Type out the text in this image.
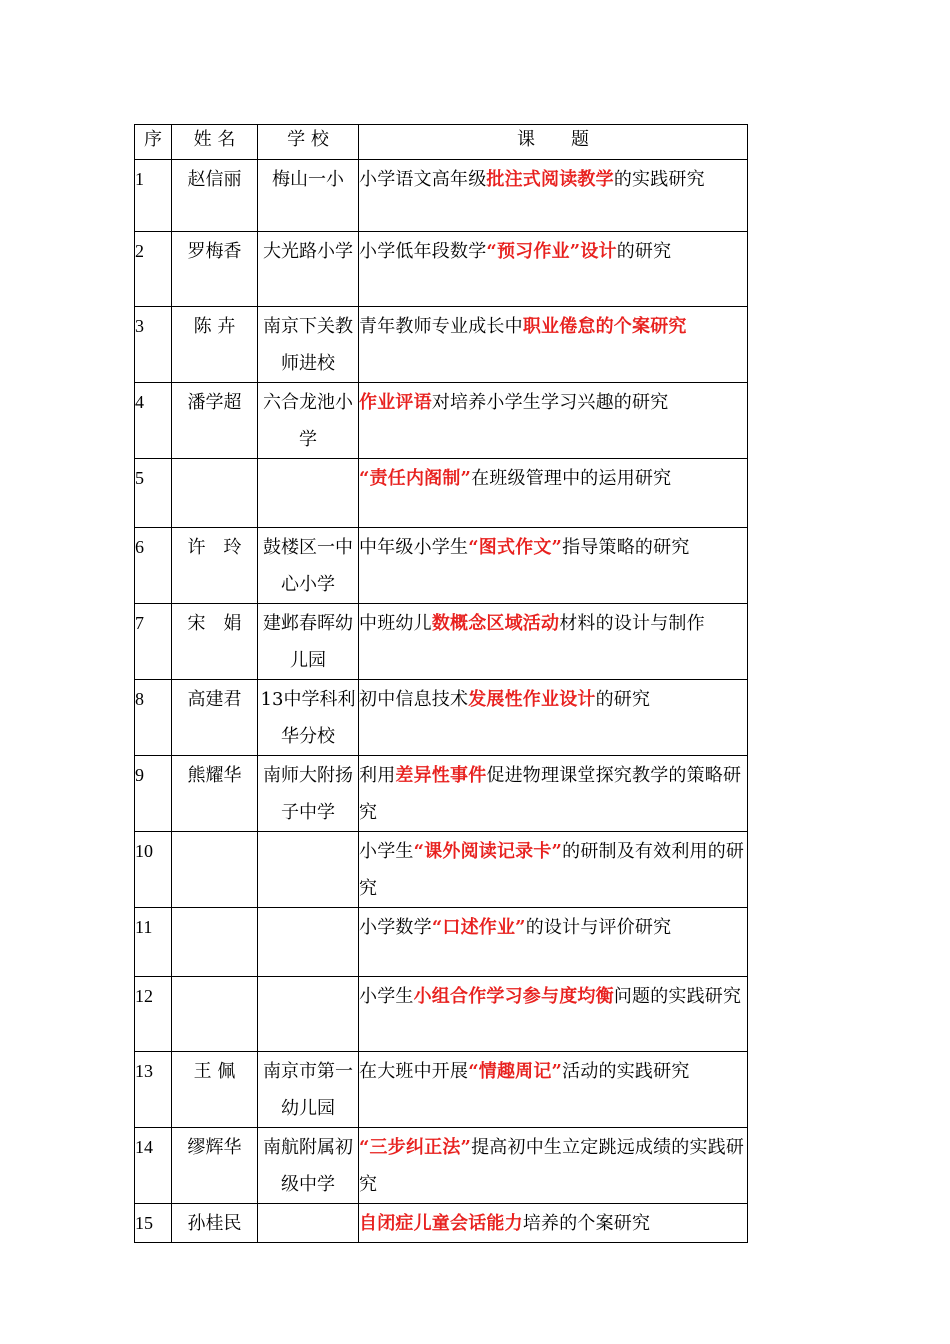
序	姓 名	学 校	课　　题
1	赵信丽	梅山一小	小学语文高年级批注式阅读教学的实践研究
2	罗梅香	大光路小学	小学低年段数学“预习作业”设计的研究
3	陈 卉	南京下关教师进校	青年教师专业成长中职业倦怠的个案研究
4	潘学超	六合龙池小学	作业评语对培养小学生学习兴趣的研究
5			“责任内阁制”在班级管理中的运用研究
6	许　玲	鼓楼区一中心小学	中年级小学生“图式作文”指导策略的研究
7	宋　娟	建邺春晖幼儿园	中班幼儿数概念区域活动材料的设计与制作
8	高建君	13中学科利华分校	初中信息技术发展性作业设计的研究
9	熊耀华	南师大附扬子中学	利用差异性事件促进物理课堂探究教学的策略研究
10			小学生“课外阅读记录卡”的研制及有效利用的研究
11			小学数学“口述作业”的设计与评价研究
12			小学生小组合作学习参与度均衡问题的实践研究
13	王 佩	南京市第一幼儿园	在大班中开展“情趣周记”活动的实践研究
14	缪辉华	南航附属初级中学	“三步纠正法”提高初中生立定跳远成绩的实践研究
15	孙桂民		自闭症儿童会话能力培养的个案研究
